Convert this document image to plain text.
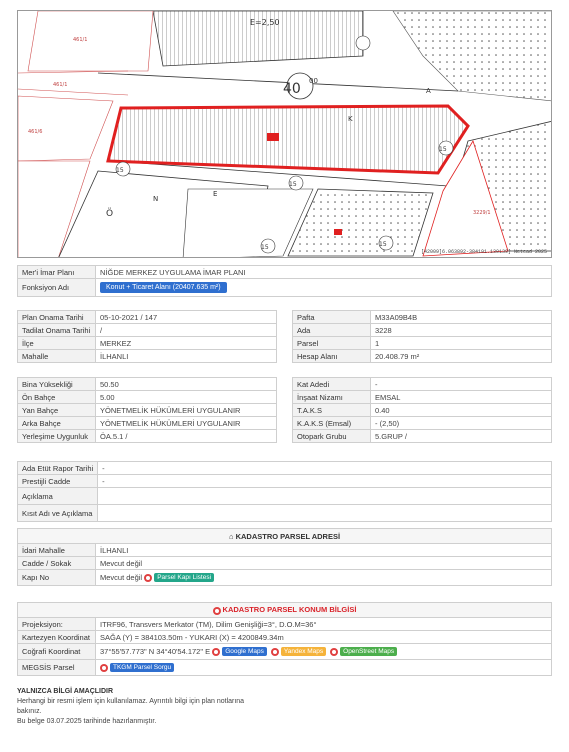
40 00
461/1
461/1
461/6
E=2,50
15
15
15
15	15
3229/1
Ö
N
E
K
A
[42009]6.063892-384191.130139] Netcad 2025
Mer'i İmar Planı	NİĞDE MERKEZ UYGULAMA İMAR PLANI
Fonksiyon Adı	Konut + Ticaret Alanı (20407.635 m²)
Plan Onama Tarihi	05-10-2021 / 147
Tadilat Onama Tarihi	/
İlçe	MERKEZ
Mahalle	İLHANLI
Pafta	M33A09B4B
Ada	3228
Parsel	1
Hesap Alanı	20.408.79 m²
Bina Yüksekliği	50.50
Ön Bahçe	5.00
Yan Bahçe	YÖNETMELİK HÜKÜMLERİ UYGULANIR
Arka Bahçe	YÖNETMELİK HÜKÜMLERİ UYGULANIR
Yerleşime Uygunluk	ÖA.5.1 /
Kat Adedi	-
İnşaat Nizamı	EMSAL
T.A.K.S	0.40
K.A.K.S (Emsal)	- (2,50)
Otopark Grubu	5.GRUP /
Ada Etüt Rapor Tarihi	-
Prestijli Cadde	-
Açıklama	
Kısıt Adı ve Açıklama	
⌂ KADASTRO PARSEL ADRESİ	
İdari Mahalle	İLHANLI
Cadde / Sokak	Mevcut değil
Kapı No	Mevcut değil Parsel Kapı Listesi
KADASTRO PARSEL KONUM BİLGİSİ	
Projeksiyon:	ITRF96, Transvers Merkator (TM), Dilim Genişliği=3°, D.O.M=36°
Kartezyen Koordinat	SAĞA (Y) = 384103.50m - YUKARI (X) = 4200849.34m
Coğrafi Koordinat	37°55'57.773" N 34°40'54.172" E Google Maps Yandex Maps OpenStreet Maps
MEGSİS Parsel	TKGM Parsel Sorgu
YALNIZCA BİLGİ AMAÇLIDIR
Herhangi bir resmi işlem için kullanılamaz. Ayrıntılı bilgi için plan notlarına
bakınız.
Bu belge 03.07.2025 tarihinde hazırlanmıştır.
